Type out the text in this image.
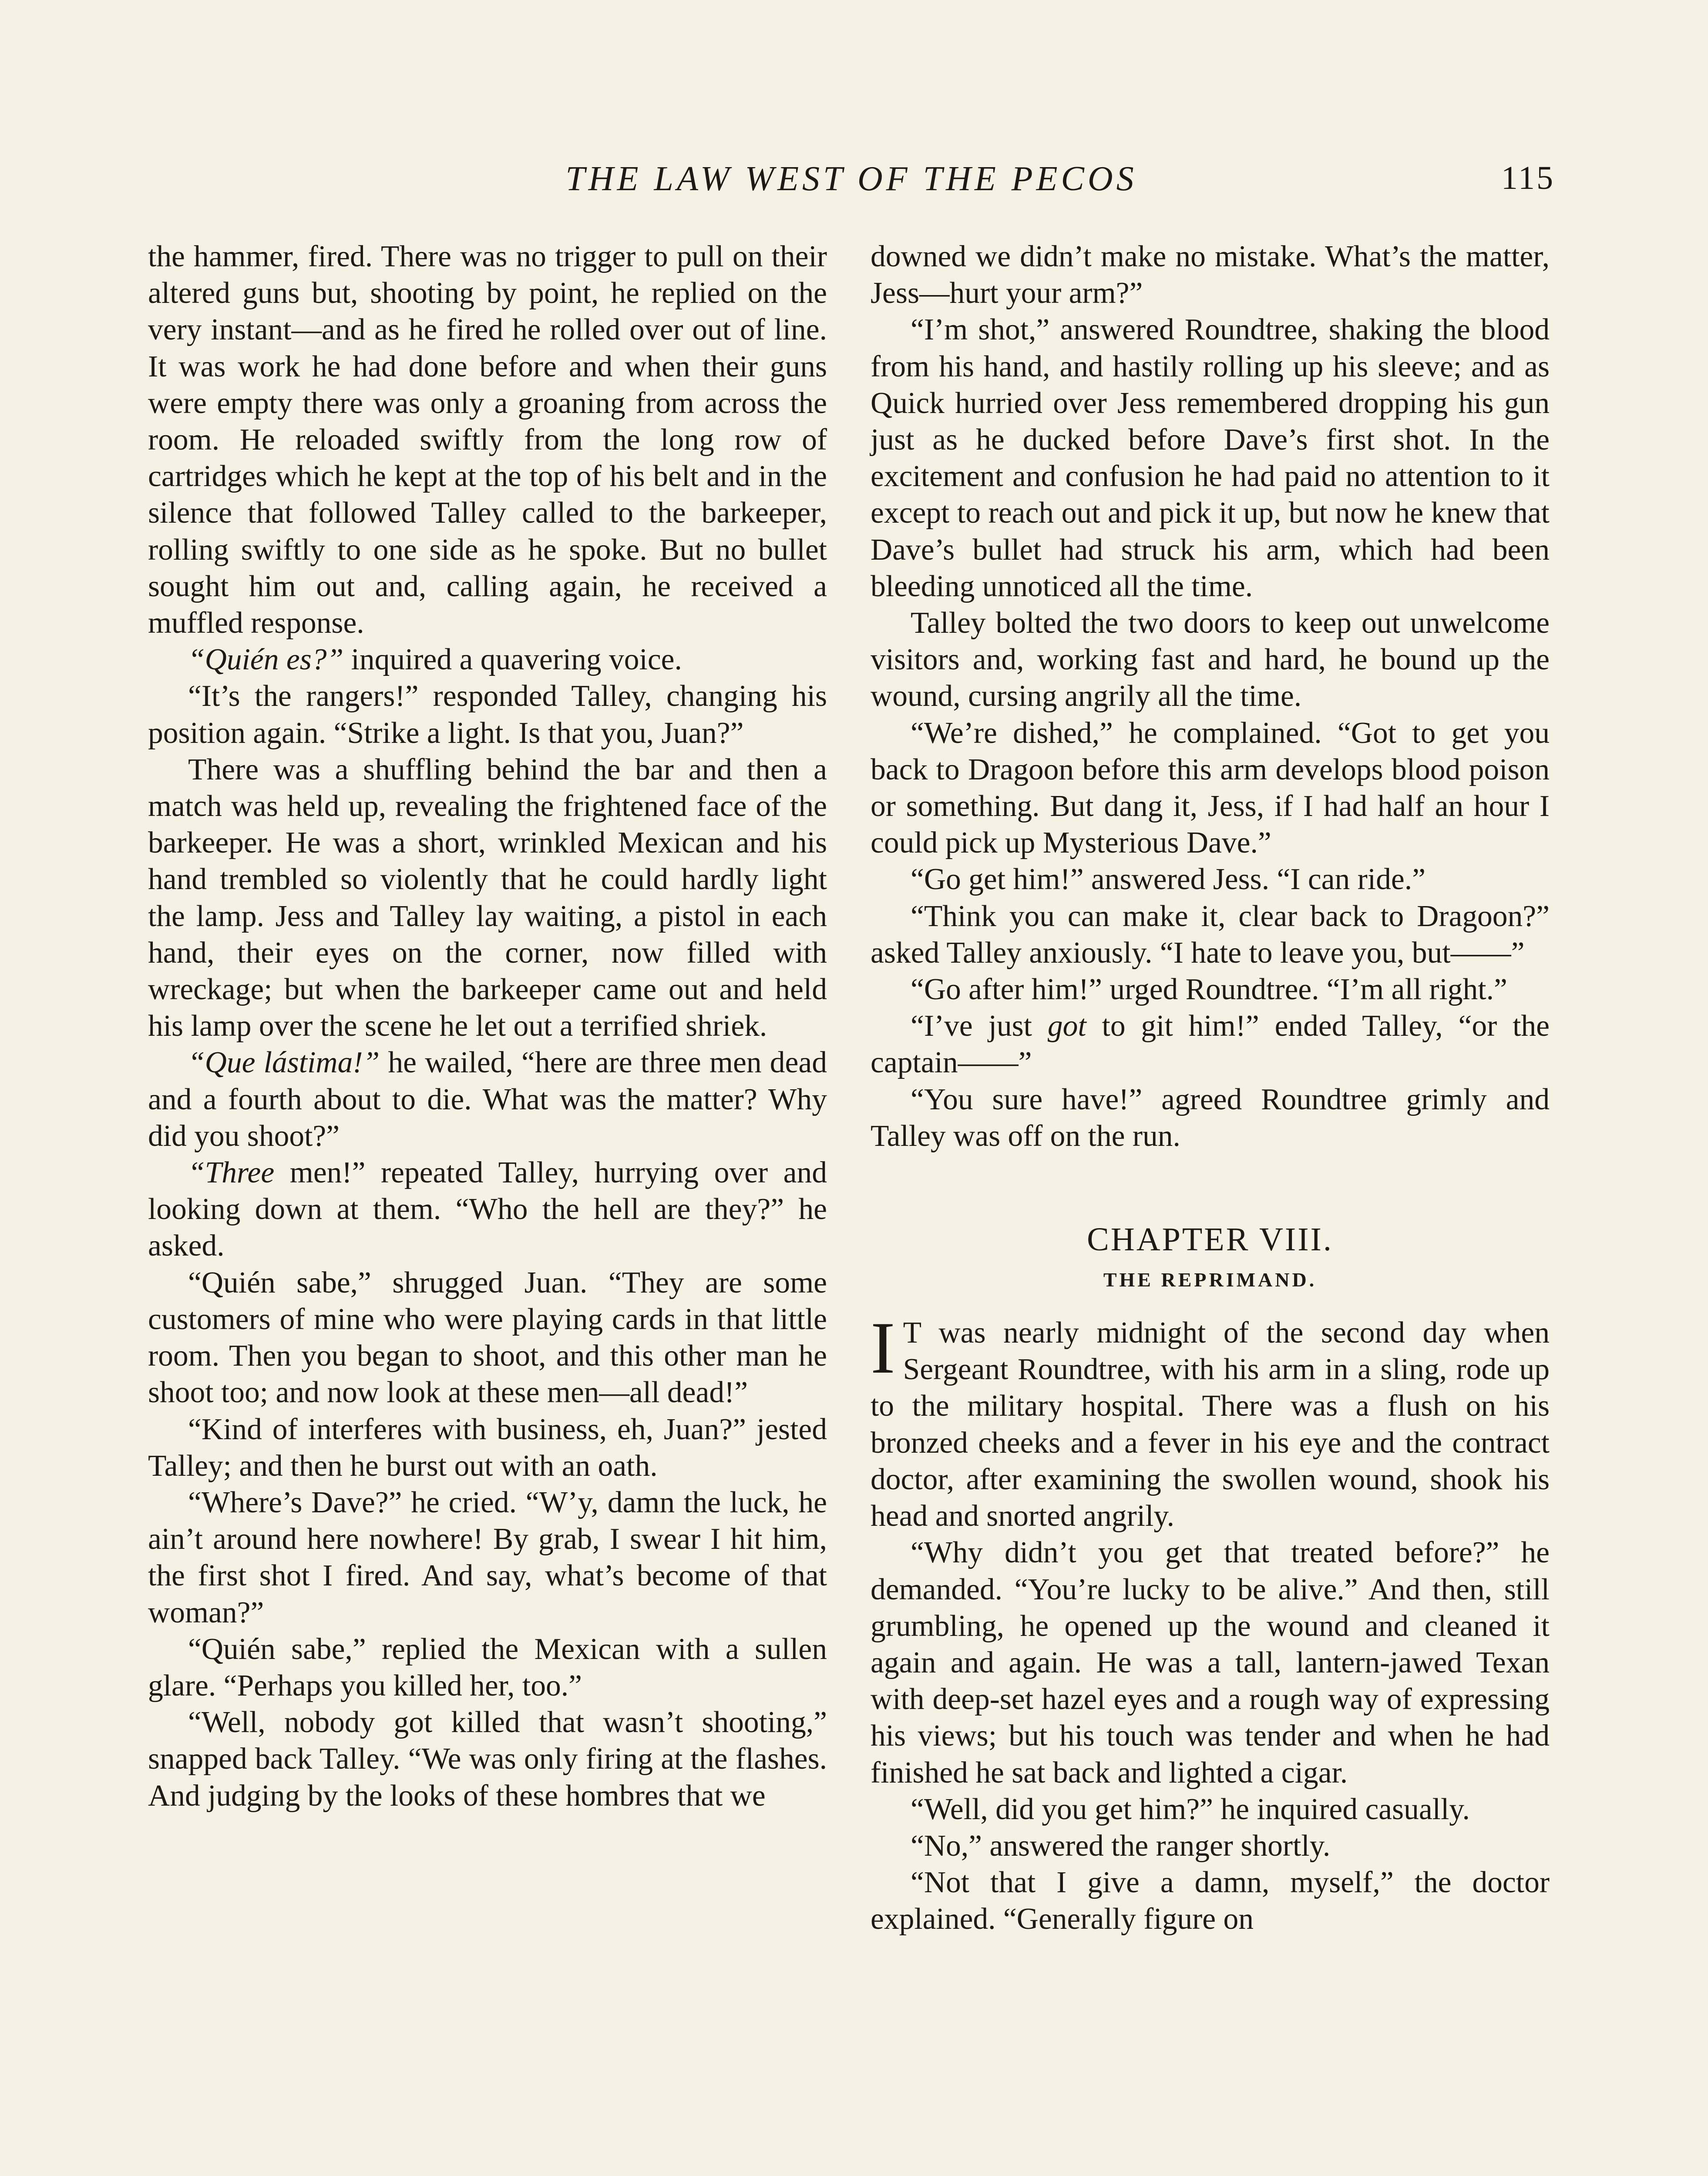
THE LAW WEST OF THE PECOS	115

the hammer, fired. There was no trigger to pull on their altered guns but, shooting by point, he replied on the very instant—and as he fired he rolled over out of line. It was work he had done before and when their guns were empty there was only a groaning from across the room. He reloaded swiftly from the long row of cartridges which he kept at the top of his belt and in the silence that followed Talley called to the barkeeper, rolling swiftly to one side as he spoke. But no bullet sought him out and, calling again, he received a muffled response.

“Quién es?” inquired a quavering voice.

“It’s the rangers!” responded Talley, changing his position again. “Strike a light. Is that you, Juan?”

There was a shuffling behind the bar and then a match was held up, revealing the frightened face of the barkeeper. He was a short, wrinkled Mexican and his hand trembled so violently that he could hardly light the lamp. Jess and Talley lay waiting, a pistol in each hand, their eyes on the corner, now filled with wreckage; but when the barkeeper came out and held his lamp over the scene he let out a terrified shriek.

“Que lástima!” he wailed, “here are three men dead and a fourth about to die. What was the matter? Why did you shoot?”

“Three men!” repeated Talley, hurrying over and looking down at them. “Who the hell are they?” he asked.

“Quién sabe,” shrugged Juan. “They are some customers of mine who were playing cards in that little room. Then you began to shoot, and this other man he shoot too; and now look at these men—all dead!”

“Kind of interferes with business, eh, Juan?” jested Talley; and then he burst out with an oath.

“Where’s Dave?” he cried. “W’y, damn the luck, he ain’t around here nowhere! By grab, I swear I hit him, the first shot I fired. And say, what’s become of that woman?”

“Quién sabe,” replied the Mexican with a sullen glare. “Perhaps you killed her, too.”

“Well, nobody got killed that wasn’t shooting,” snapped back Talley. “We was only firing at the flashes. And judging by the looks of these hombres that we

downed we didn’t make no mistake. What’s the matter, Jess—hurt your arm?”

“I’m shot,” answered Roundtree, shaking the blood from his hand, and hastily rolling up his sleeve; and as Quick hurried over Jess remembered dropping his gun just as he ducked before Dave’s first shot. In the excitement and confusion he had paid no attention to it except to reach out and pick it up, but now he knew that Dave’s bullet had struck his arm, which had been bleeding unnoticed all the time.

Talley bolted the two doors to keep out unwelcome visitors and, working fast and hard, he bound up the wound, cursing angrily all the time.

“We’re dished,” he complained. “Got to get you back to Dragoon before this arm develops blood poison or something. But dang it, Jess, if I had half an hour I could pick up Mysterious Dave.”

“Go get him!” answered Jess. “I can ride.”

“Think you can make it, clear back to Dragoon?” asked Talley anxiously. “I hate to leave you, but——”

“Go after him!” urged Roundtree. “I’m all right.”

“I’ve just got to git him!” ended Talley, “or the captain——”

“You sure have!” agreed Roundtree grimly and Talley was off on the run.

CHAPTER VIII.
THE REPRIMAND.

I T was nearly midnight of the second day when Sergeant Roundtree, with his arm in a sling, rode up to the military hospital. There was a flush on his bronzed cheeks and a fever in his eye and the contract doctor, after examining the swollen wound, shook his head and snorted angrily.

“Why didn’t you get that treated before?” he demanded. “You’re lucky to be alive.” And then, still grumbling, he opened up the wound and cleaned it again and again. He was a tall, lantern-jawed Texan with deep-set hazel eyes and a rough way of expressing his views; but his touch was tender and when he had finished he sat back and lighted a cigar.

“Well, did you get him?” he inquired casually.

“No,” answered the ranger shortly.

“Not that I give a damn, myself,” the doctor explained. “Generally figure on
